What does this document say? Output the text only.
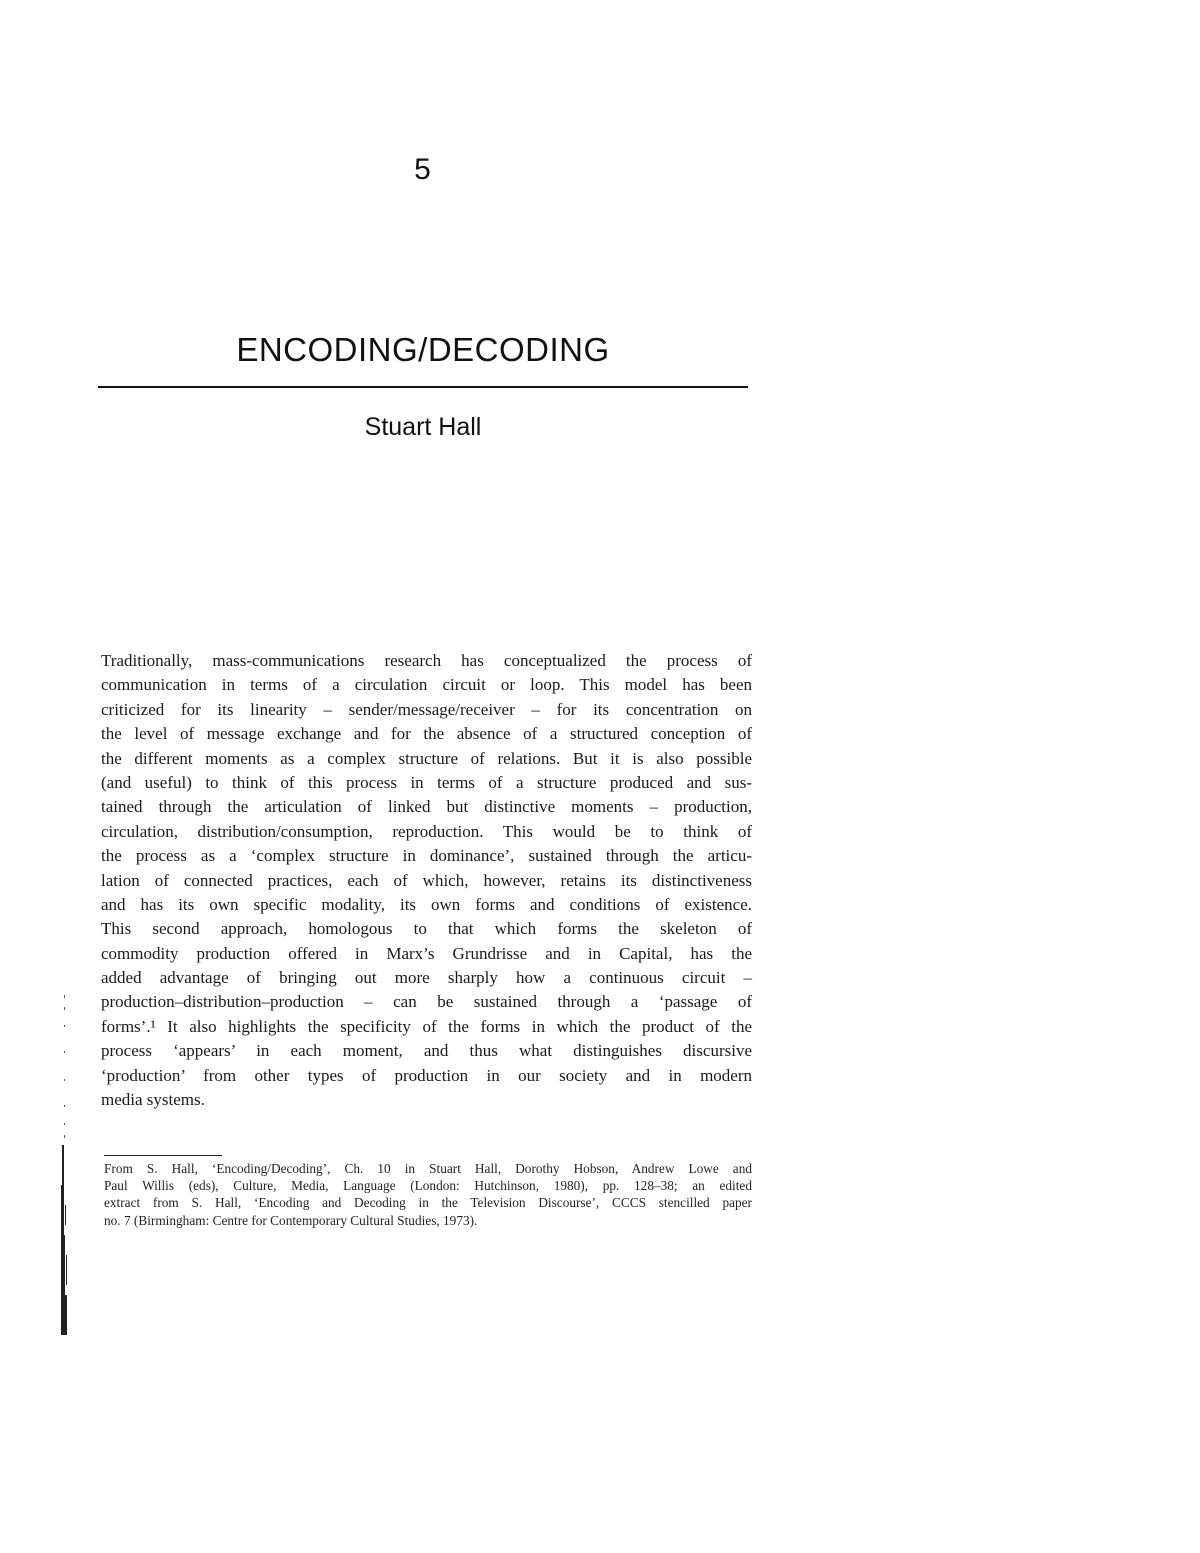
5
ENCODING/DECODING
Stuart Hall
Traditionally, mass-communications research has conceptualized the process of
communication in terms of a circulation circuit or loop. This model has been
criticized for its linearity – sender/message/receiver – for its concentration on
the level of message exchange and for the absence of a structured conception of
the different moments as a complex structure of relations. But it is also possible
(and useful) to think of this process in terms of a structure produced and sus-
tained through the articulation of linked but distinctive moments – production,
circulation, distribution/consumption, reproduction. This would be to think of
the process as a ‘complex structure in dominance’, sustained through the articu-
lation of connected practices, each of which, however, retains its distinctiveness
and has its own specific modality, its own forms and conditions of existence.
This second approach, homologous to that which forms the skeleton of
commodity production offered in Marx’s Grundrisse and in Capital, has the
added advantage of bringing out more sharply how a continuous circuit –
production–distribution–production – can be sustained through a ‘passage of
forms’.¹ It also highlights the specificity of the forms in which the product of the
process ‘appears’ in each moment, and thus what distinguishes discursive
‘production’ from other types of production in our society and in modern
media systems.
From S. Hall, ‘Encoding/Decoding’, Ch. 10 in Stuart Hall, Dorothy Hobson, Andrew Lowe and
Paul Willis (eds), Culture, Media, Language (London: Hutchinson, 1980), pp. 128–38; an edited
extract from S. Hall, ‘Encoding and Decoding in the Television Discourse’, CCCS stencilled paper
no. 7 (Birmingham: Centre for Contemporary Cultural Studies, 1973).
